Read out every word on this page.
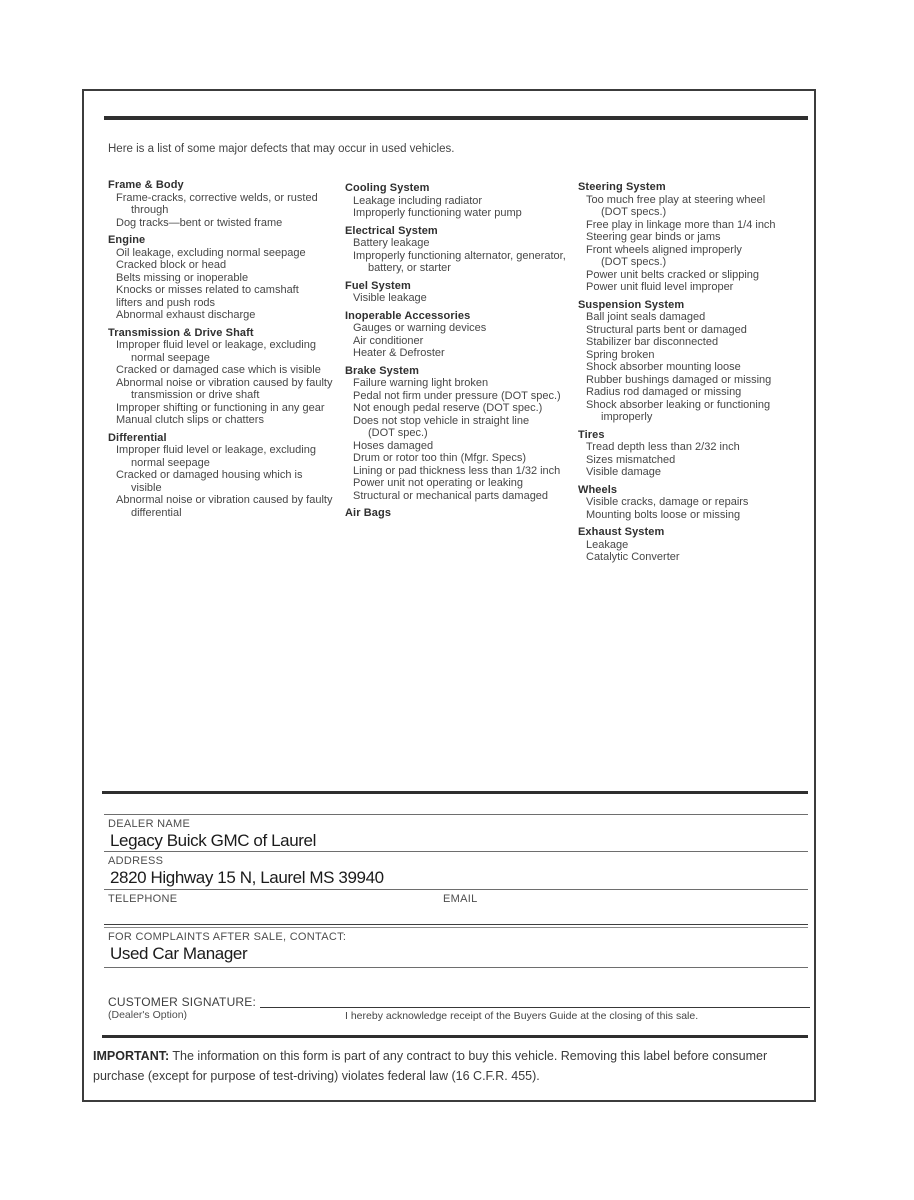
Here is a list of some major defects that may occur in used vehicles.
Frame & Body
Frame-cracks, corrective welds, or rusted
through
Dog tracks—bent or twisted frame
Engine
Oil leakage, excluding normal seepage
Cracked block or head
Belts missing or inoperable
Knocks or misses related to camshaft
lifters and push rods
Abnormal exhaust discharge
Transmission & Drive Shaft
Improper fluid level or leakage, excluding
normal seepage
Cracked or damaged case which is visible
Abnormal noise or vibration caused by faulty
transmission or drive shaft
Improper shifting or functioning in any gear
Manual clutch slips or chatters
Differential
Improper fluid level or leakage, excluding
normal seepage
Cracked or damaged housing which is
visible
Abnormal noise or vibration caused by faulty
differential
Cooling System
Leakage including radiator
Improperly functioning water pump
Electrical System
Battery leakage
Improperly functioning alternator, generator,
battery, or starter
Fuel System
Visible leakage
Inoperable Accessories
Gauges or warning devices
Air conditioner
Heater & Defroster
Brake System
Failure warning light broken
Pedal not firm under pressure (DOT spec.)
Not enough pedal reserve (DOT spec.)
Does not stop vehicle in straight line
(DOT spec.)
Hoses damaged
Drum or rotor too thin (Mfgr. Specs)
Lining or pad thickness less than 1/32 inch
Power unit not operating or leaking
Structural or mechanical parts damaged
Air Bags
Steering System
Too much free play at steering wheel
(DOT specs.)
Free play in linkage more than 1/4 inch
Steering gear binds or jams
Front wheels aligned improperly
(DOT specs.)
Power unit belts cracked or slipping
Power unit fluid level improper
Suspension System
Ball joint seals damaged
Structural parts bent or damaged
Stabilizer bar disconnected
Spring broken
Shock absorber mounting loose
Rubber bushings damaged or missing
Radius rod damaged or missing
Shock absorber leaking or functioning
improperly
Tires
Tread depth less than 2/32 inch
Sizes mismatched
Visible damage
Wheels
Visible cracks, damage or repairs
Mounting bolts loose or missing
Exhaust System
Leakage
Catalytic Converter
DEALER NAME
Legacy Buick GMC of Laurel
ADDRESS
2820 Highway 15 N, Laurel MS 39940
TELEPHONE	EMAIL
FOR COMPLAINTS AFTER SALE, CONTACT:
Used Car Manager
CUSTOMER SIGNATURE:
(Dealer's Option)	I hereby acknowledge receipt of the Buyers Guide at the closing of this sale.
IMPORTANT: The information on this form is part of any contract to buy this vehicle. Removing this label before consumer purchase (except for purpose of test-driving) violates federal law (16 C.F.R. 455).
